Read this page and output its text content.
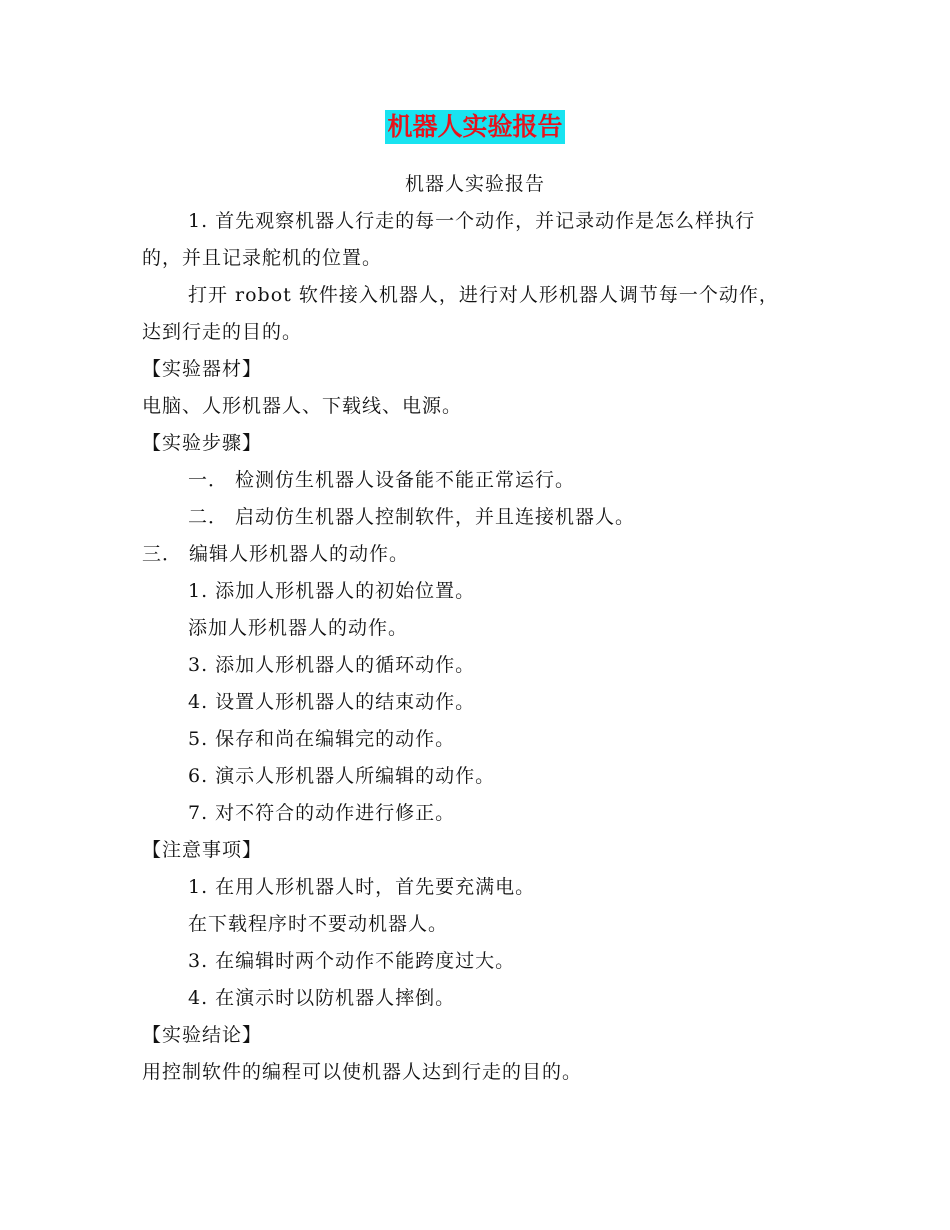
机器人实验报告
机器人实验报告
1. 首先观察机器人行走的每一个动作，并记录动作是怎么样执行
的，并且记录舵机的位置。
打开 robot 软件接入机器人，进行对人形机器人调节每一个动作，
达到行走的目的。
【实验器材】
电脑、人形机器人、下载线、电源。
【实验步骤】
一． 检测仿生机器人设备能不能正常运行。
二． 启动仿生机器人控制软件，并且连接机器人。
三． 编辑人形机器人的动作。
1. 添加人形机器人的初始位置。
添加人形机器人的动作。
3. 添加人形机器人的循环动作。
4. 设置人形机器人的结束动作。
5. 保存和尚在编辑完的动作。
6. 演示人形机器人所编辑的动作。
7. 对不符合的动作进行修正。
【注意事项】
1. 在用人形机器人时，首先要充满电。
在下载程序时不要动机器人。
3. 在编辑时两个动作不能跨度过大。
4. 在演示时以防机器人摔倒。
【实验结论】
用控制软件的编程可以使机器人达到行走的目的。
